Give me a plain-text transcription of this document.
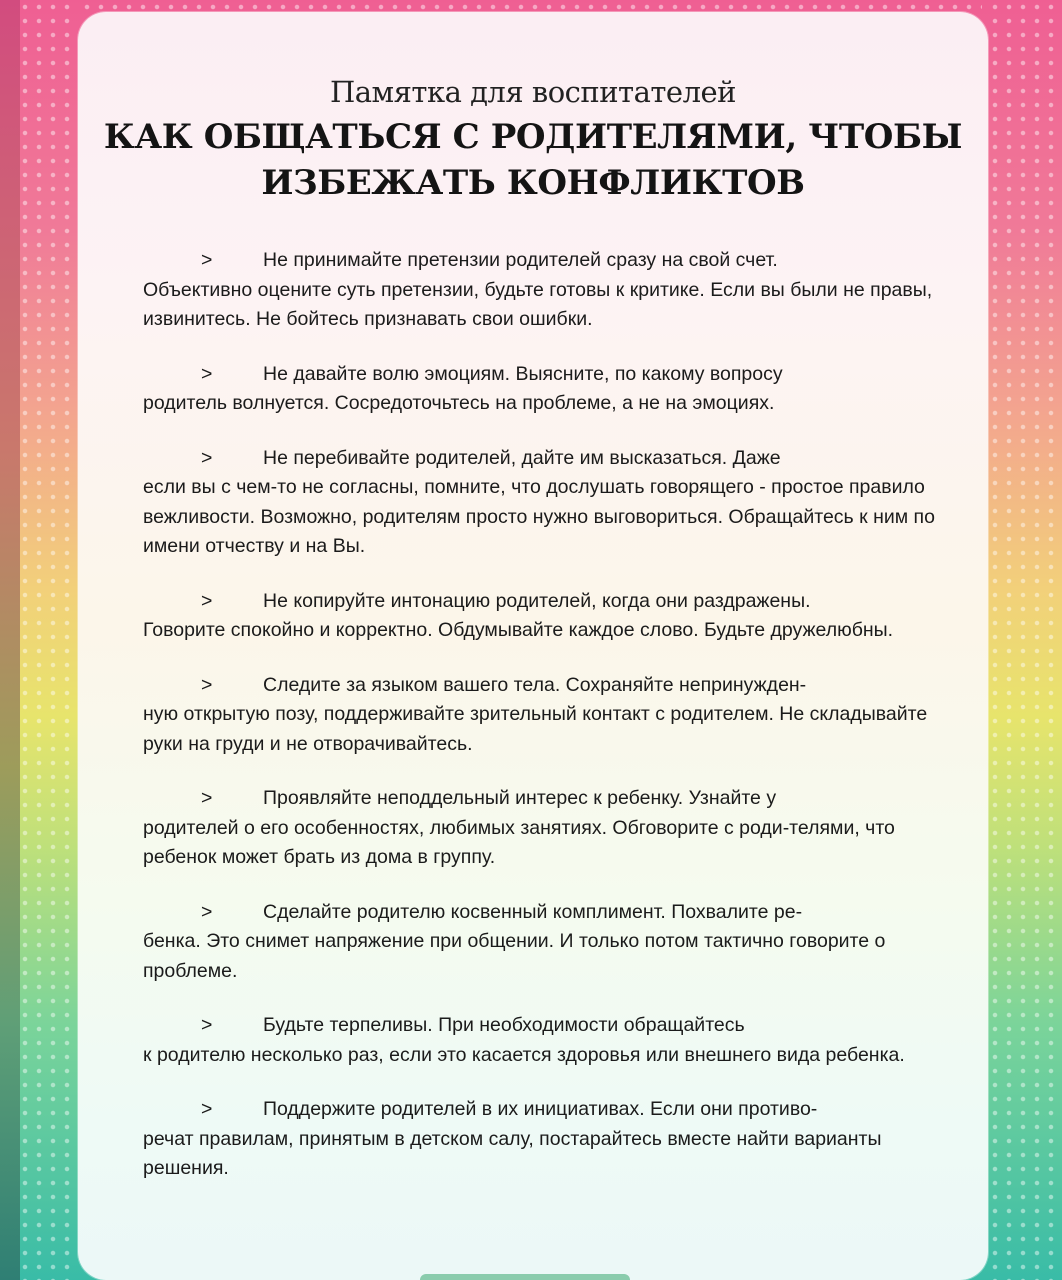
Памятка для воспитателей

КАК ОБЩАТЬСЯ С РОДИТЕЛЯМИ, ЧТОБЫ ИЗБЕЖАТЬ КОНФЛИКТОВ
>	Не принимайте претензии родителей сразу на свой счет.
Объективно оцените суть претензии, будьте готовы к критике. Если вы были не правы, извинитесь. Не бойтесь признавать свои ошибки.
>	Не давайте волю эмоциям. Выясните, по какому вопросу
родитель волнуется. Сосредоточьтесь на проблеме, а не на эмоциях.
>	Не перебивайте родителей, дайте им высказаться. Даже
если вы с чем-то не согласны, помните, что дослушать говорящего - простое правило вежливости. Возможно, родителям просто нужно выговориться. Обращайтесь к ним по имени отчеству и на Вы.
>	Не копируйте интонацию родителей, когда они раздражены.
Говорите спокойно и корректно. Обдумывайте каждое слово. Будьте дружелюбны.
>	Следите за языком вашего тела. Сохраняйте непринужден-
ную открытую позу, поддерживайте зрительный контакт с родителем. Не складывайте руки на груди и не отворачивайтесь.
>	Проявляйте неподдельный интерес к ребенку. Узнайте у
родителей о его особенностях, любимых занятиях. Обговорите с роди-телями, что ребенок может брать из дома в группу.
>	Сделайте родителю косвенный комплимент. Похвалите ре-
бенка. Это снимет напряжение при общении. И только потом тактично говорите о проблеме.
>	Будьте терпеливы. При необходимости обращайтесь
к родителю несколько раз, если это касается здоровья или внешнего вида ребенка.
>	Поддержите родителей в их инициативах. Если они противо-
речат правилам, принятым в детском салу, постарайтесь вместе найти варианты решения.
